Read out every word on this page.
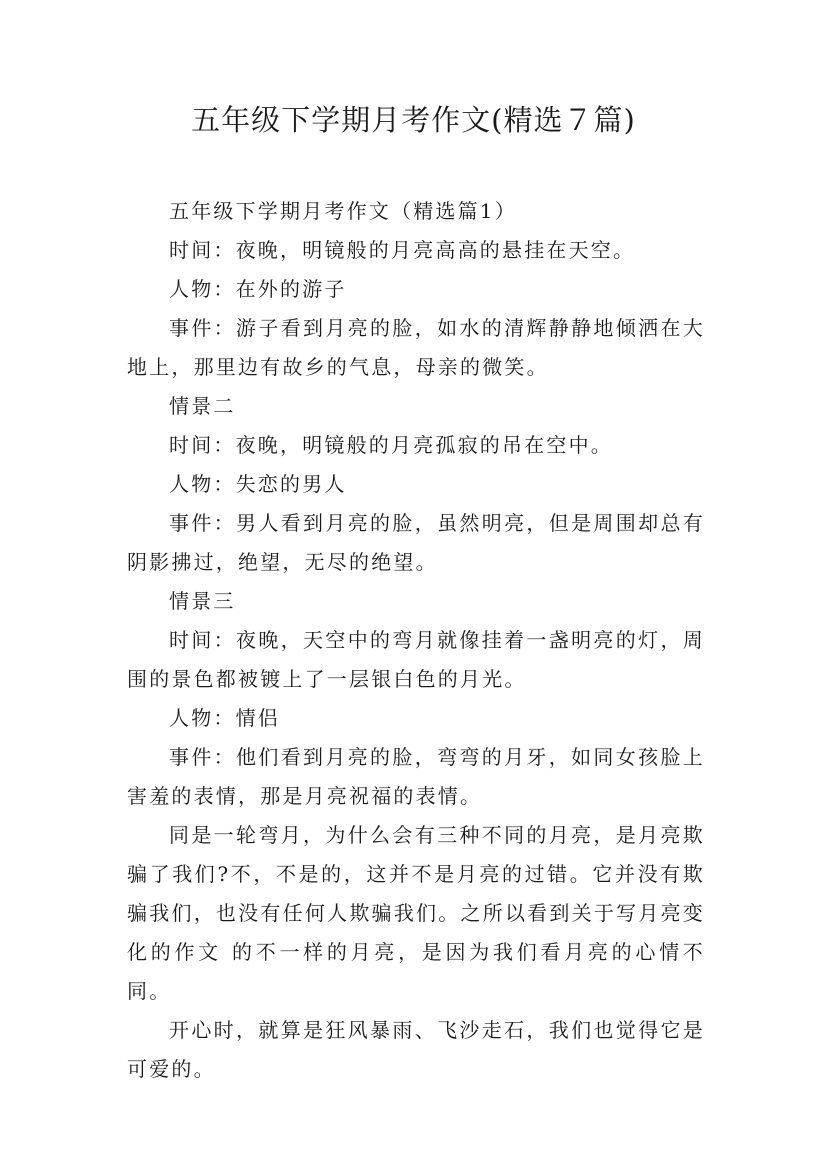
五年级下学期月考作文(精选７篇)

五年级下学期月考作文（精选篇1）

时间：夜晚，明镜般的月亮高高的悬挂在天空。

人物：在外的游子

事件：游子看到月亮的脸，如水的清辉静静地倾洒在大地上，那里边有故乡的气息，母亲的微笑。

情景二

时间：夜晚，明镜般的月亮孤寂的吊在空中。

人物：失恋的男人

事件：男人看到月亮的脸，虽然明亮，但是周围却总有阴影拂过，绝望，无尽的绝望。

情景三

时间：夜晚，天空中的弯月就像挂着一盏明亮的灯，周围的景色都被镀上了一层银白色的月光。

人物：情侣

事件：他们看到月亮的脸，弯弯的月牙，如同女孩脸上害羞的表情，那是月亮祝福的表情。

同是一轮弯月，为什么会有三种不同的月亮，是月亮欺骗了我们?不，不是的，这并不是月亮的过错。它并没有欺骗我们，也没有任何人欺骗我们。之所以看到关于写月亮变化的作文 的不一样的月亮，是因为我们看月亮的心情不同。

开心时，就算是狂风暴雨、飞沙走石，我们也觉得它是可爱的。
